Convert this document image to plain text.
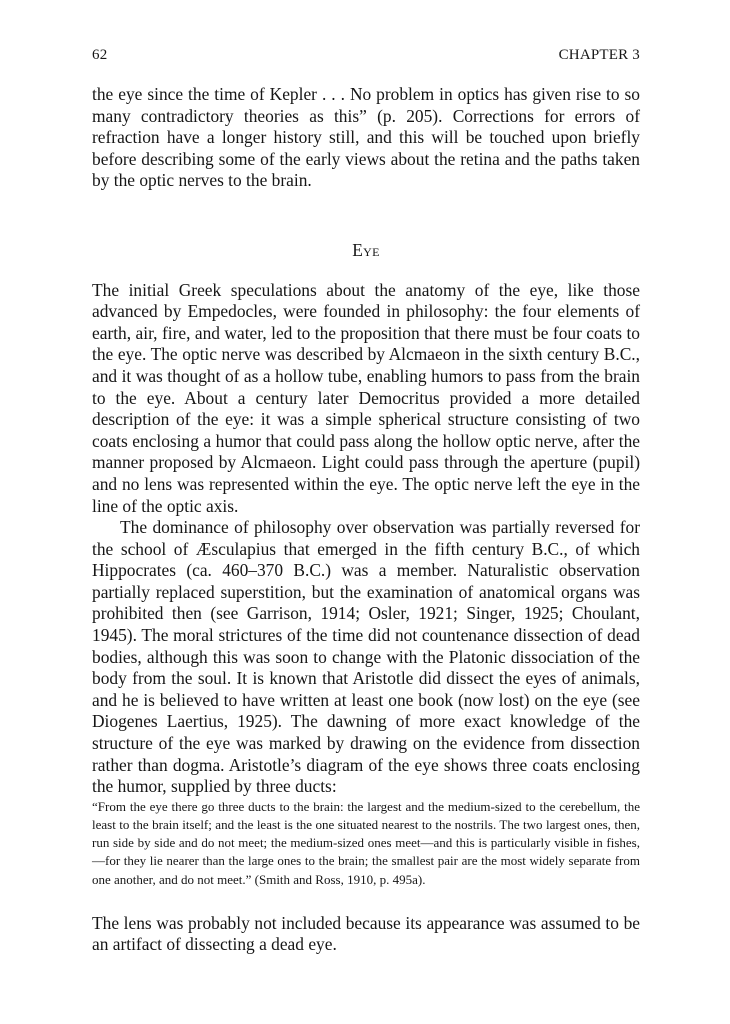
62	CHAPTER 3

the eye since the time of Kepler . . . No problem in optics has given rise to so many contradictory theories as this” (p. 205). Corrections for errors of refraction have a longer history still, and this will be touched upon briefly before describing some of the early views about the retina and the paths taken by the optic nerves to the brain.

Eye

The initial Greek speculations about the anatomy of the eye, like those advanced by Empedocles, were founded in philosophy: the four elements of earth, air, fire, and water, led to the proposition that there must be four coats to the eye. The optic nerve was described by Alcmaeon in the sixth century B.C., and it was thought of as a hollow tube, enabling humors to pass from the brain to the eye. About a century later Democritus provided a more detailed description of the eye: it was a simple spherical structure consisting of two coats enclosing a humor that could pass along the hollow optic nerve, after the manner proposed by Alcmaeon. Light could pass through the aperture (pupil) and no lens was represented within the eye. The optic nerve left the eye in the line of the optic axis.

The dominance of philosophy over observation was partially reversed for the school of Æsculapius that emerged in the fifth century B.C., of which Hippocrates (ca. 460–370 B.C.) was a member. Naturalistic observation partially replaced superstition, but the examination of anatomical organs was prohibited then (see Garrison, 1914; Osler, 1921; Singer, 1925; Choulant, 1945). The moral strictures of the time did not countenance dissection of dead bodies, although this was soon to change with the Platonic dissociation of the body from the soul. It is known that Aristotle did dissect the eyes of animals, and he is believed to have written at least one book (now lost) on the eye (see Diogenes Laertius, 1925). The dawning of more exact knowledge of the structure of the eye was marked by drawing on the evidence from dissection rather than dogma. Aristotle’s diagram of the eye shows three coats enclosing the humor, supplied by three ducts:

“From the eye there go three ducts to the brain: the largest and the medium-sized to the cerebellum, the least to the brain itself; and the least is the one situated nearest to the nostrils. The two largest ones, then, run side by side and do not meet; the medium-sized ones meet—and this is particularly visible in fishes,—for they lie nearer than the large ones to the brain; the smallest pair are the most widely separate from one another, and do not meet.” (Smith and Ross, 1910, p. 495a).

The lens was probably not included because its appearance was assumed to be an artifact of dissecting a dead eye.
